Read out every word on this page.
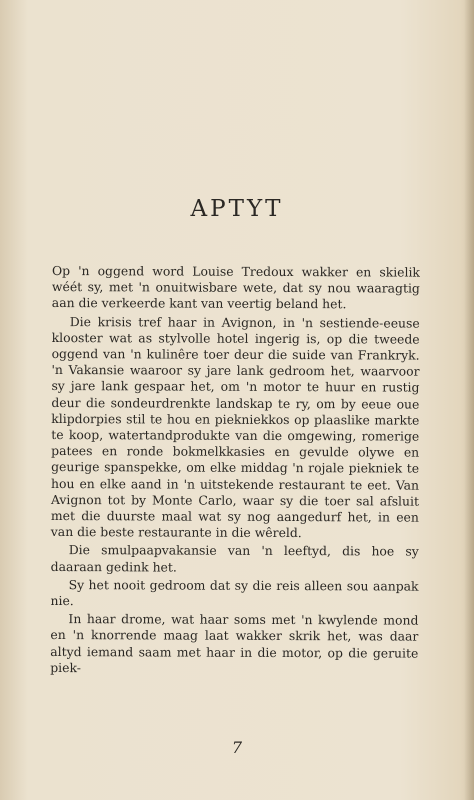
APTYT

Op 'n oggend word Louise Tredoux wakker en skielik wéét sy, met 'n onuitwisbare wete, dat sy nou waaragtig aan die verkeerde kant van veertig beland het.

Die krisis tref haar in Avignon, in 'n sestiende-eeuse klooster wat as stylvolle hotel ingerig is, op die tweede oggend van 'n kulinêre toer deur die suide van Frankryk. 'n Vakansie waaroor sy jare lank gedroom het, waarvoor sy jare lank gespaar het, om 'n motor te huur en rustig deur die sondeurdrenkte landskap te ry, om by eeue oue klipdorpies stil te hou en piekniekkos op plaaslike markte te koop, watertandprodukte van die omgewing, romerige patees en ronde bokmelkkasies en gevulde olywe en geurige spanspekke, om elke middag 'n rojale piekniek te hou en elke aand in 'n uitstekende restaurant te eet. Van Avignon tot by Monte Carlo, waar sy die toer sal afsluit met die duurste maal wat sy nog aangedurf het, in een van die beste restaurante in die wêreld.

Die smulpaapvakansie van 'n leeftyd, dis hoe sy daaraan gedink het.

Sy het nooit gedroom dat sy die reis alleen sou aanpak nie.

In haar drome, wat haar soms met 'n kwylende mond en 'n knorrende maag laat wakker skrik het, was daar altyd iemand saam met haar in die motor, op die geruite piek-

7
